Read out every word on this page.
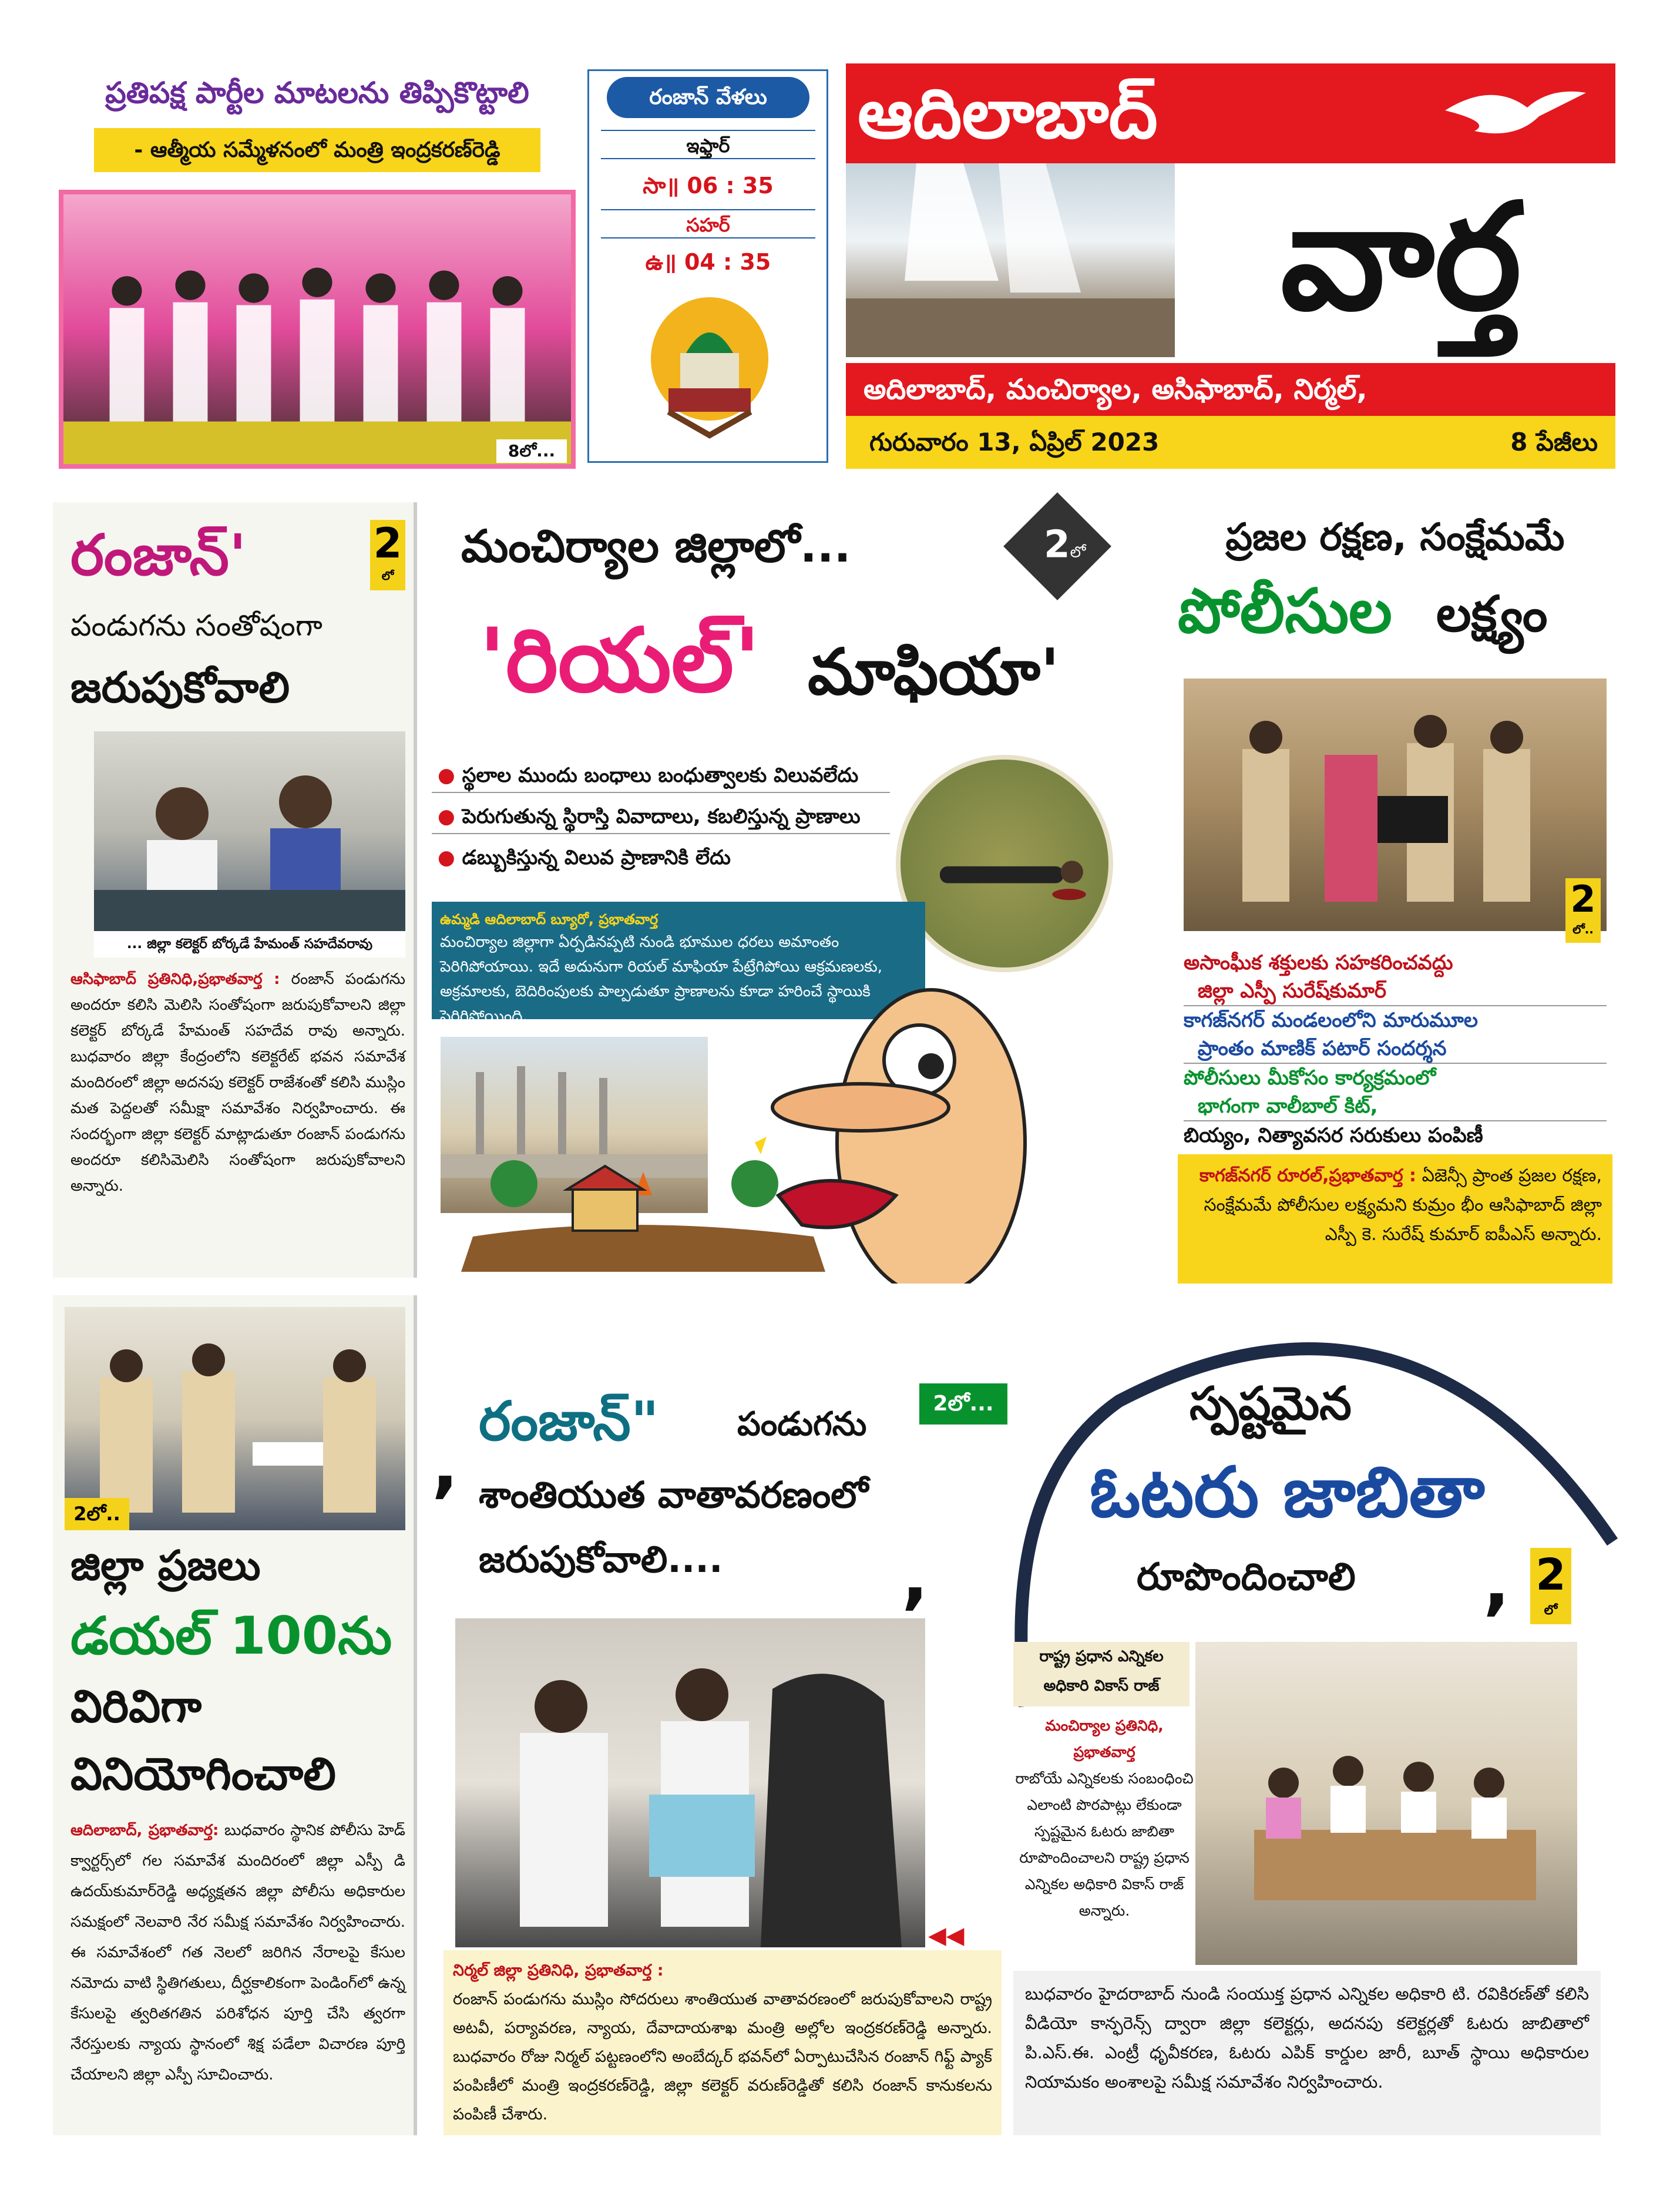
ఆదిలాబాద్
వార్త
అదిలాబాద్, మంచిర్యాల, అసిఫాబాద్, నిర్మల్,
గురువారం 13, ఏప్రిల్ 2023	8 పేజీలు
రంజాన్ వేళలు
ఇఫ్తార్
సా॥ 06 : 35
సహర్
ఉ॥ 04 : 35
ప్రతిపక్ష పార్టీల మాటలను తిప్పికొట్టాలి
- ఆత్మీయ సమ్మేళనంలో మంత్రి ఇంద్రకరణ్‌రెడ్డి
8లో...
రంజాన్'	2
లో
పండుగను సంతోషంగా
జరుపుకోవాలి
... జిల్లా కలెక్టర్ బోర్కడే హేమంత్ సహదేవరావు
ఆసిఫాబాద్ ప్రతినిధి,ప్రభాతవార్త : రంజాన్ పండుగను అందరూ కలిసి మెలిసి సంతోషంగా జరుపుకోవాలని జిల్లా కలెక్టర్ బోర్కడే హేమంత్ సహదేవ రావు అన్నారు. బుధవారం జిల్లా కేంద్రంలోని కలెక్టరేట్ భవన సమావేశ మందిరంలో జిల్లా అదనపు కలెక్టర్ రాజేశంతో కలిసి ముస్లిం మత పెద్దలతో సమీక్షా సమావేశం నిర్వహించారు. ఈ సందర్భంగా జిల్లా కలెక్టర్ మాట్లాడుతూ రంజాన్ పండుగను అందరూ కలిసిమెలిసి సంతోషంగా జరుపుకోవాలని అన్నారు.
మంచిర్యాల జిల్లాలో...	2లో
'రియల్' మాఫియా'
● స్థలాల ముందు బంధాలు బంధుత్వాలకు విలువలేదు
● పెరుగుతున్న స్థిరాస్తి వివాదాలు, కబలిస్తున్న ప్రాణాలు
● డబ్బుకిస్తున్న విలువ ప్రాణానికి లేదు
ఉమ్మడి ఆదిలాబాద్ బ్యూరో, ప్రభాతవార్త
మంచిర్యాల జిల్లాగా ఏర్పడినప్పటి నుండి భూముల ధరలు అమాంతం పెరిగిపోయాయి. ఇదే అదునుగా రియల్ మాఫియా పేట్రేగిపోయి ఆక్రమణలకు, అక్రమాలకు, బెదిరింపులకు పాల్పడుతూ ప్రాణాలను కూడా హరించే స్థాయికి పెరిగిపోయింది.
ప్రజల రక్షణ, సంక్షేమమే
పోలీసుల లక్ష్యం
2
లో..
అసాంఘీక శక్తులకు సహకరించవద్దు
జిల్లా ఎస్పీ సురేష్‌కుమార్
కాగజ్‌నగర్ మండలంలోని మారుమూల
ప్రాంతం మాణిక్ పటార్ సందర్శన
పోలీసులు మీకోసం కార్యక్రమంలో
భాగంగా వాలీబాల్ కిట్,
బియ్యం, నిత్యావసర సరుకులు పంపిణీ
కాగజ్‌నగర్ రూరల్,ప్రభాతవార్త : ఏజెన్సీ ప్రాంత ప్రజల రక్షణ, సంక్షేమమే పోలీసుల లక్ష్యమని కుమ్రం భీం ఆసిఫాబాద్ జిల్లా ఎస్పీ కె. సురేష్ కుమార్ ఐపీఎస్ అన్నారు.
2లో..
జిల్లా ప్రజలు
డయల్ 100ను
విరివిగా
వినియోగించాలి
ఆదిలాబాద్, ప్రభాతవార్త: బుధవారం స్థానిక పోలీసు హెడ్ క్వార్టర్స్‌లో గల సమావేశ మందిరంలో జిల్లా ఎస్పీ డి ఉదయ్‌కుమార్‌రెడ్డి అధ్యక్షతన జిల్లా పోలీసు అధికారుల సమక్షంలో నెలవారి నేర సమీక్ష సమావేశం నిర్వహించారు. ఈ సమావేశంలో గత నెలలో జరిగిన నేరాలపై కేసుల నమోదు వాటి స్థితిగతులు, దీర్ఘకాలికంగా పెండింగ్‌లో ఉన్న కేసులపై త్వరితగతిన పరిశోధన పూర్తి చేసి త్వరగా నేరస్తులకు న్యాయ స్థానంలో శిక్ష పడేలా విచారణ పూర్తి చేయాలని జిల్లా ఎస్పీ సూచించారు.
,
రంజాన్"	పండుగను
2లో...
శాంతియుత వాతావరణంలో
జరుపుకోవాలి....	,
◀◀
నిర్మల్ జిల్లా ప్రతినిధి, ప్రభాతవార్త :
రంజాన్ పండుగను ముస్లిం సోదరులు శాంతియుత వాతావరణంలో జరుపుకోవాలని రాష్ట్ర అటవీ, పర్యావరణ, న్యాయ, దేవాదాయశాఖ మంత్రి అల్లోల ఇంద్రకరణ్‌రెడ్డి అన్నారు. బుధవారం రోజు నిర్మల్ పట్టణంలోని అంబేద్కర్ భవన్‌లో ఏర్పాటుచేసిన రంజాన్ గిఫ్ట్ ప్యాక్ పంపిణీలో మంత్రి ఇంద్రకరణ్‌రెడ్డి, జిల్లా కలెక్టర్ వరుణ్‌రెడ్డితో కలిసి రంజాన్ కానుకలను పంపిణీ చేశారు.
స్పష్టమైన
ఓటరు జాబితా
రూపొందించాలి	, 2
లో
రాష్ట్ర ప్రధాన ఎన్నికల
అధికారి వికాస్ రాజ్
మంచిర్యాల ప్రతినిధి, ప్రభాతవార్త
రాబోయే ఎన్నికలకు సంబంధించి ఎలాంటి పొరపాట్లు లేకుండా స్పష్టమైన ఓటరు జాబితా రూపొందించాలని రాష్ట్ర ప్రధాన ఎన్నికల అధికారి వికాస్ రాజ్ అన్నారు.
బుధవారం హైదరాబాద్ నుండి సంయుక్త ప్రధాన ఎన్నికల అధికారి టి. రవికిరణ్‌తో కలిసి వీడియో కాన్ఫరెన్స్ ద్వారా జిల్లా కలెక్టర్లు, అదనపు కలెక్టర్లతో ఓటరు జాబితాలో పి.ఎస్.ఈ. ఎంట్రీ ధృవీకరణ, ఓటరు ఎపిక్ కార్డుల జారీ, బూత్ స్థాయి అధికారుల నియామకం అంశాలపై సమీక్ష సమావేశం నిర్వహించారు.
